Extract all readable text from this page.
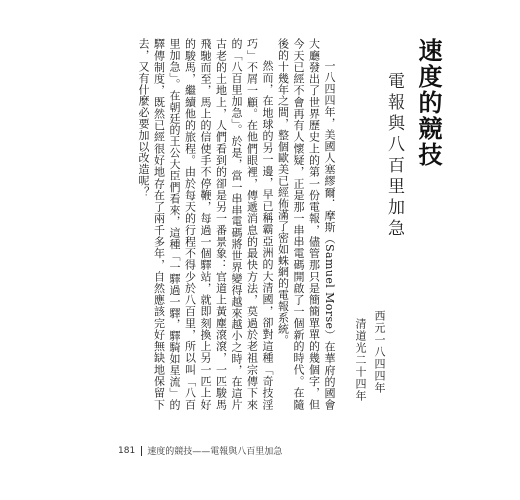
速度的競技
電報與八百里加急
西元一八四四年
清道光二十四年

一八四四年，美國人塞繆爾．摩斯（Samuel Morse）在華府的國會大廳發出了世界歷史上的第一份電報，儘管那只是簡簡單單的幾個字，但今天已經不會再有人懷疑，正是那一串串電碼開啟了一個新的時代。在隨後的十幾年之間，整個歐美已經佈滿了密如蛛網的電報系統。

然而，在地球的另一邊，早已稱霸亞洲的大清國，卻對這種「奇技淫巧」不屑一顧。在他們眼裡，傳遞消息的最快方法，莫過於老祖宗傳下來的「八百里加急」。於是，當一串串電碼將世界變得越來越小之時，在這片古老的土地上，人們看到的卻是另一番景象：官道上黃塵滾滾，一匹駿馬飛馳而至，馬上的信使手不停鞭，每過一個驛站，就即刻換上另一匹上好的駿馬，繼續他的旅程。由於每天的行程不得少於八百里，所以叫「八百里加急」。在朝廷的王公大臣們看來，這種「一驛過一驛，驛騎如星流」的驛傳制度，既然已經很好地存在了兩千多年，自然應該完好無缺地保留下去，又有什麼必要加以改造呢？

181 速度的競技——電報與八百里加急
